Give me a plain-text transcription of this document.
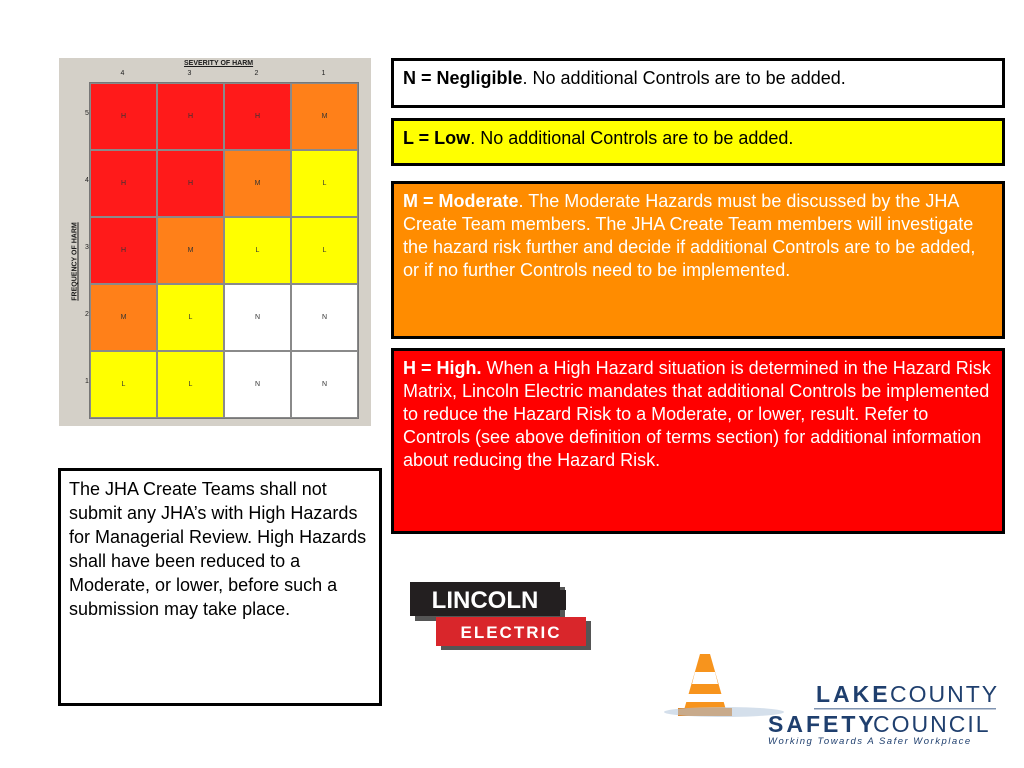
SEVERITY OF HARM
4	3	2	1
FREQUENCY OF HARM
5
4
3
2
1
H	H	H	M
H	H	M	L
H	M	L	L
M	L	N	N
L	L	N	N
N = Negligible. No additional Controls are to be added.
L = Low. No additional Controls are to be added.
M = Moderate. The Moderate Hazards must be discussed by the JHA Create Team members. The JHA Create Team members will investigate the hazard risk further and decide if additional Controls are to be added, or if no further Controls need to be implemented.
H = High. When a High Hazard situation is determined in the Hazard Risk Matrix, Lincoln Electric mandates that additional Controls be implemented to reduce the Hazard Risk to a Moderate, or lower, result. Refer to Controls (see above definition of terms section) for additional information about reducing the Hazard Risk.
The JHA Create Teams shall not submit any JHA’s with High Hazards for Managerial Review. High Hazards shall have been reduced to a Moderate, or lower, before such a submission may take place.	LINCOLN
ELECTRIC
LAKE COUNTY
SAFETY
COUNCIL
Working Towards A Safer Workplace
